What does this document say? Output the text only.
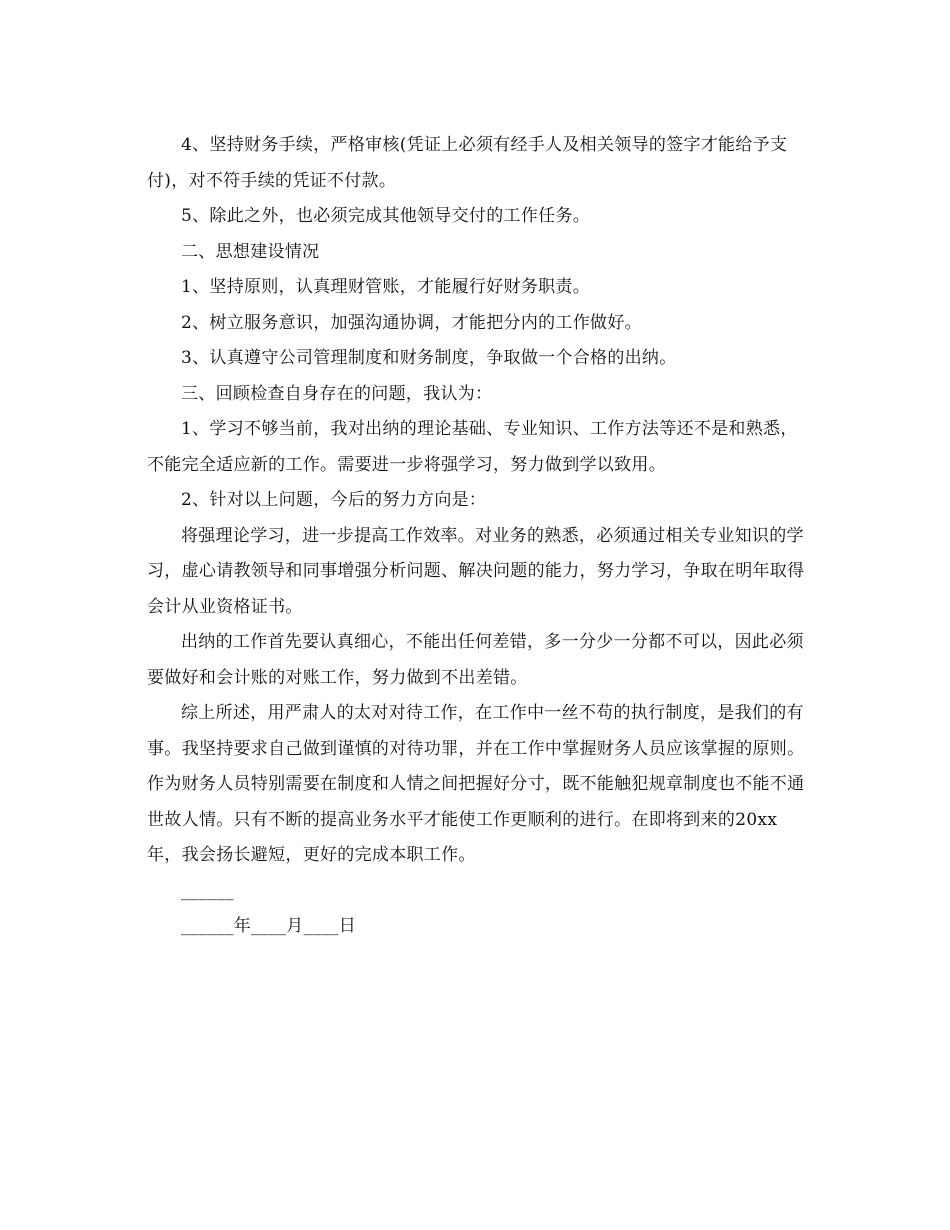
4、坚持财务手续，严格审核(凭证上必须有经手人及相关领导的签字才能给予支付)，对不符手续的凭证不付款。

5、除此之外，也必须完成其他领导交付的工作任务。

二、思想建设情况

1、坚持原则，认真理财管账，才能履行好财务职责。

2、树立服务意识，加强沟通协调，才能把分内的工作做好。

3、认真遵守公司管理制度和财务制度，争取做一个合格的出纳。

三、回顾检查自身存在的问题，我认为：

1、学习不够当前，我对出纳的理论基础、专业知识、工作方法等还不是和熟悉，不能完全适应新的工作。需要进一步将强学习，努力做到学以致用。

2、针对以上问题，今后的努力方向是：

将强理论学习，进一步提高工作效率。对业务的熟悉，必须通过相关专业知识的学习，虚心请教领导和同事增强分析问题、解决问题的能力，努力学习，争取在明年取得会计从业资格证书。

出纳的工作首先要认真细心，不能出任何差错，多一分少一分都不可以，因此必须要做好和会计账的对账工作，努力做到不出差错。

综上所述，用严肃人的太对对待工作，在工作中一丝不苟的执行制度，是我们的有事。我坚持要求自己做到谨慎的对待功罪，并在工作中掌握财务人员应该掌握的原则。作为财务人员特别需要在制度和人情之间把握好分寸，既不能触犯规章制度也不能不通世故人情。只有不断的提高业务水平才能使工作更顺利的进行。在即将到来的20xx年，我会扬长避短，更好的完成本职工作。

______

______年____月____日
